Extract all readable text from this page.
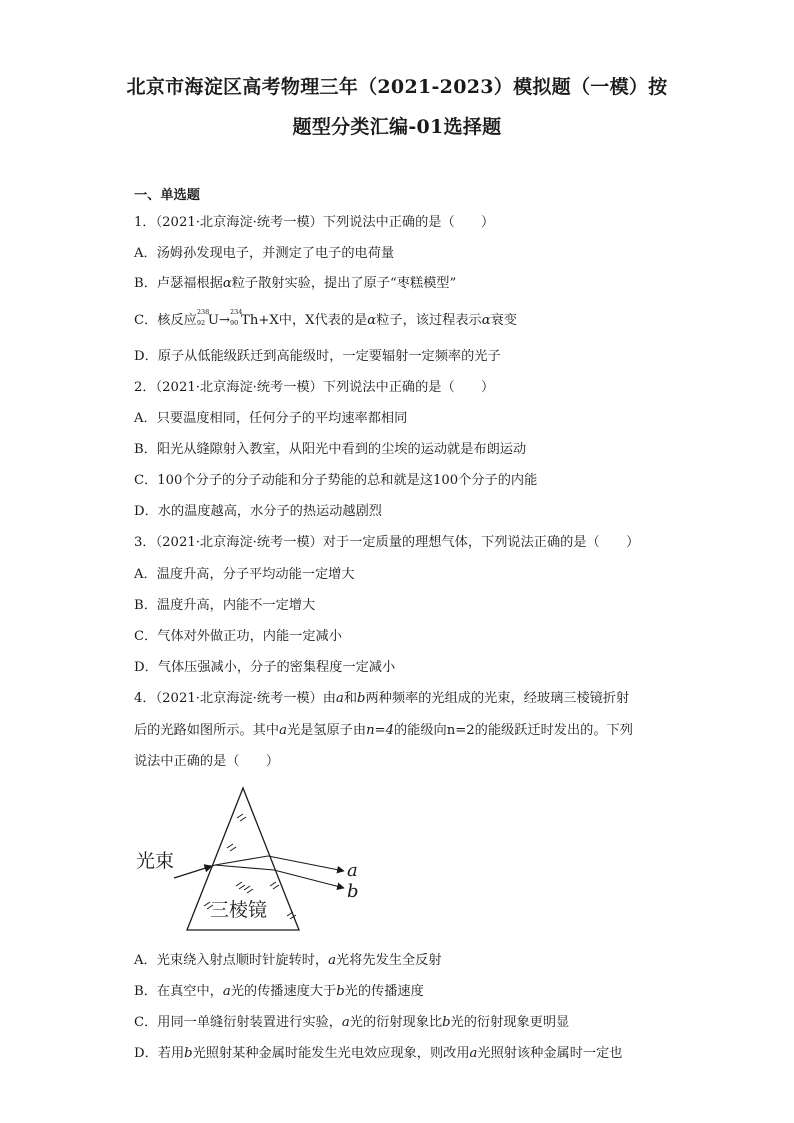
北京市海淀区高考物理三年（2021-2023）模拟题（一模）按
题型分类汇编-01选择题
一、单选题
1．（2021·北京海淀·统考一模）下列说法中正确的是（　　）
A．汤姆孙发现电子，并测定了电子的电荷量
B．卢瑟福根据α粒子散射实验，提出了原子“枣糕模型”
C．核反应
238
92 U→
234
90 Th+X中，X代表的是α粒子，该过程表示α衰变
D．原子从低能级跃迁到高能级时，一定要辐射一定频率的光子
2．（2021·北京海淀·统考一模）下列说法中正确的是（　　）
A．只要温度相同，任何分子的平均速率都相同
B．阳光从缝隙射入教室，从阳光中看到的尘埃的运动就是布朗运动
C．100个分子的分子动能和分子势能的总和就是这100个分子的内能
D．水的温度越高，水分子的热运动越剧烈
3．（2021·北京海淀·统考一模）对于一定质量的理想气体，下列说法正确的是（　　）
A．温度升高，分子平均动能一定增大
B．温度升高，内能不一定增大
C．气体对外做正功，内能一定减小
D．气体压强减小，分子的密集程度一定减小
4．（2021·北京海淀·统考一模）由a和b两种频率的光组成的光束，经玻璃三棱镜折射
后的光路如图所示。其中a光是氢原子由n=4的能级向n=2的能级跃迁时发出的。下列
说法中正确的是（　　）
光束
三棱镜
a
b
A．光束绕入射点顺时针旋转时，a光将先发生全反射
B．在真空中，a光的传播速度大于b光的传播速度
C．用同一单缝衍射装置进行实验，a光的衍射现象比b光的衍射现象更明显
D．若用b光照射某种金属时能发生光电效应现象，则改用a光照射该种金属时一定也
